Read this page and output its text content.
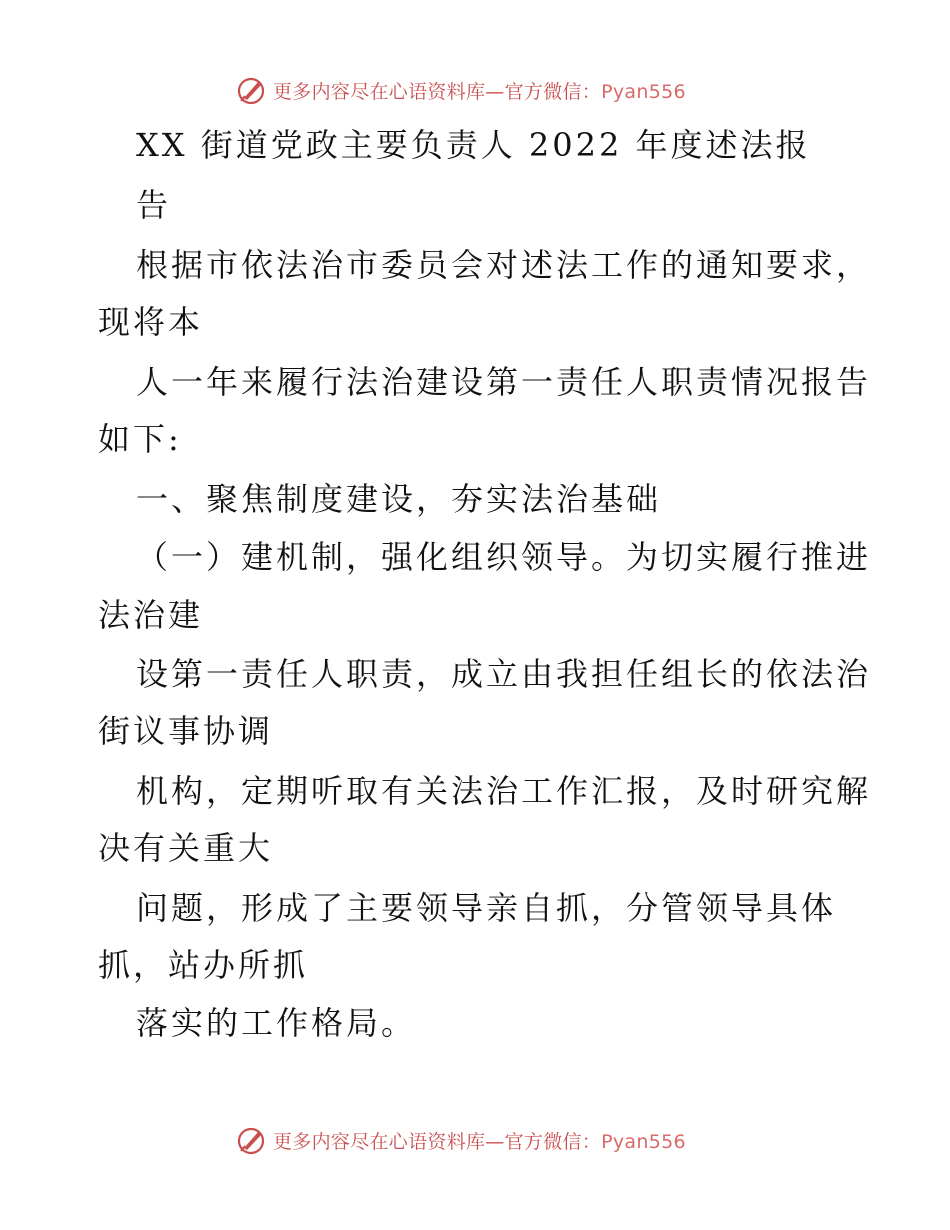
更多内容尽在心语资料库—官方微信：Pyan556
XX 街道党政主要负责人 2022 年度述法报
告
根据市依法治市委员会对述法工作的通知要求，
现将本
人一年来履行法治建设第一责任人职责情况报告
如下:
一、聚焦制度建设，夯实法治基础
（一）建机制，强化组织领导。为切实履行推进
法治建
设第一责任人职责，成立由我担任组长的依法治
街议事协调
机构，定期听取有关法治工作汇报，及时研究解
决有关重大
问题，形成了主要领导亲自抓，分管领导具体
抓，站办所抓
落实的工作格局。
更多内容尽在心语资料库—官方微信：Pyan556
